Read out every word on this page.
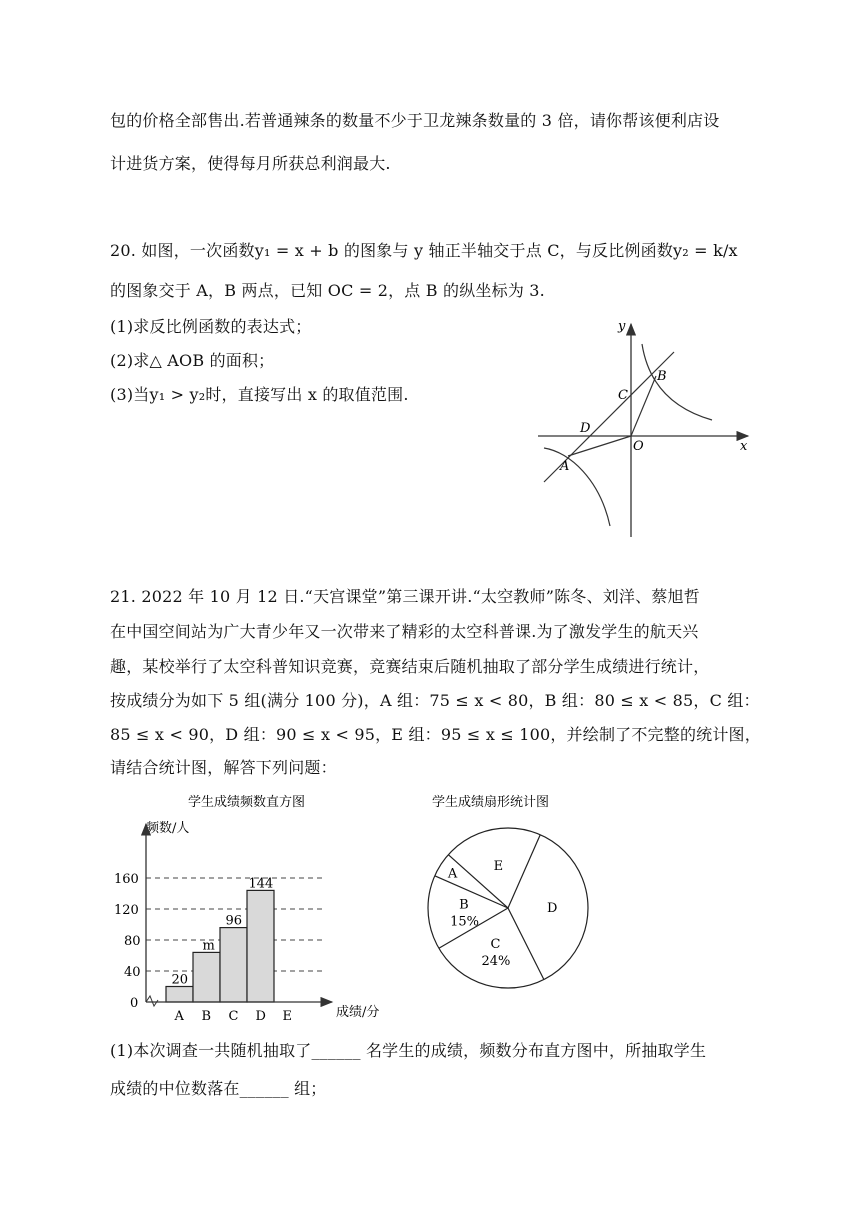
包的价格全部售出.若普通辣条的数量不少于卫龙辣条数量的 3 倍，请你帮该便利店设
计进货方案，使得每月所获总利润最大.
20. 如图，一次函数y₁ = x + b 的图象与 y 轴正半轴交于点 C，与反比例函数y₂ = k/x
的图象交于 A，B 两点，已知 OC = 2，点 B 的纵坐标为 3.
(1)求反比例函数的表达式；
(2)求△ AOB 的面积；
(3)当y₁ > y₂时，直接写出 x 的取值范围.
y
x
O
A
B
C
D
21. 2022 年 10 月 12 日.“天宫课堂”第三课开讲.“太空教师”陈冬、刘洋、蔡旭哲
在中国空间站为广大青少年又一次带来了精彩的太空科普课.为了激发学生的航天兴
趣，某校举行了太空科普知识竞赛，竞赛结束后随机抽取了部分学生成绩进行统计，
按成绩分为如下 5 组(满分 100 分)，A 组：75 ≤ x < 80，B 组：80 ≤ x < 85，C 组：
85 ≤ x < 90，D 组：90 ≤ x < 95，E 组：95 ≤ x ≤ 100，并绘制了不完整的统计图，
请结合统计图，解答下列问题：
学生成绩频数直方图
频数/人
成绩/分
0
40
80
120
160
A B C D E
20
m
96
144
学生成绩扇形统计图
D
C
24%
B
15%
A
E
(1)本次调查一共随机抽取了______ 名学生的成绩，频数分布直方图中，所抽取学生
成绩的中位数落在______ 组；
